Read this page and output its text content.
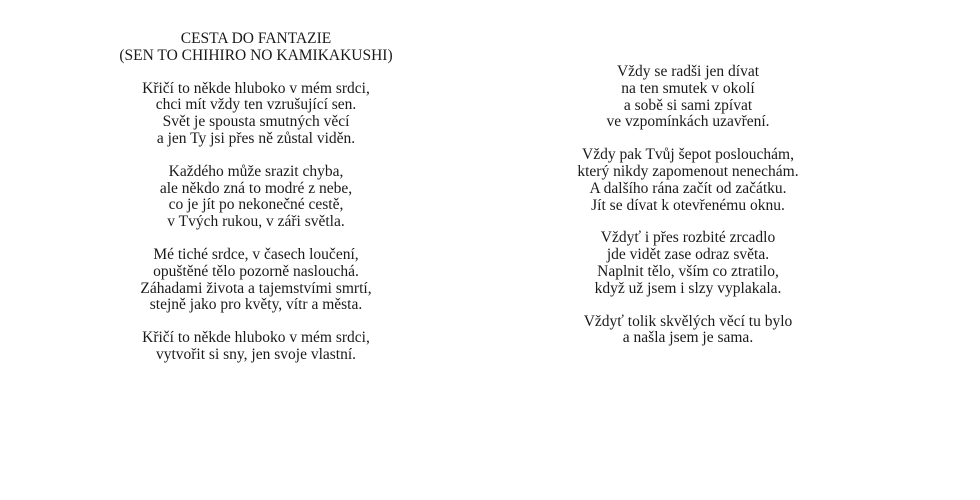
CESTA DO FANTAZIE
(SEN TO CHIHIRO NO KAMIKAKUSHI)
Křičí to někde hluboko v mém srdci,
chci mít vždy ten vzrušující sen.
Svět je spousta smutných věcí
a jen Ty jsi přes ně zůstal viděn.
Každého může srazit chyba,
ale někdo zná to modré z nebe,
co je jít po nekonečné cestě,
v Tvých rukou, v záři světla.
Mé tiché srdce, v časech loučení,
opuštěné tělo pozorně naslouchá.
Záhadami života a tajemstvími smrtí,
stejně jako pro květy, vítr a města.
Křičí to někde hluboko v mém srdci,
vytvořit si sny, jen svoje vlastní.
Vždy se radši jen dívat
na ten smutek v okolí
a sobě si sami zpívat
ve vzpomínkách uzavření.
Vždy pak Tvůj šepot poslouchám,
který nikdy zapomenout nenechám.
A dalšího rána začít od začátku.
Jít se dívat k otevřenému oknu.
Vždyť i přes rozbité zrcadlo
jde vidět zase odraz světa.
Naplnit tělo, vším co ztratilo,
když už jsem i slzy vyplakala.
Vždyť tolik skvělých věcí tu bylo
a našla jsem je sama.
